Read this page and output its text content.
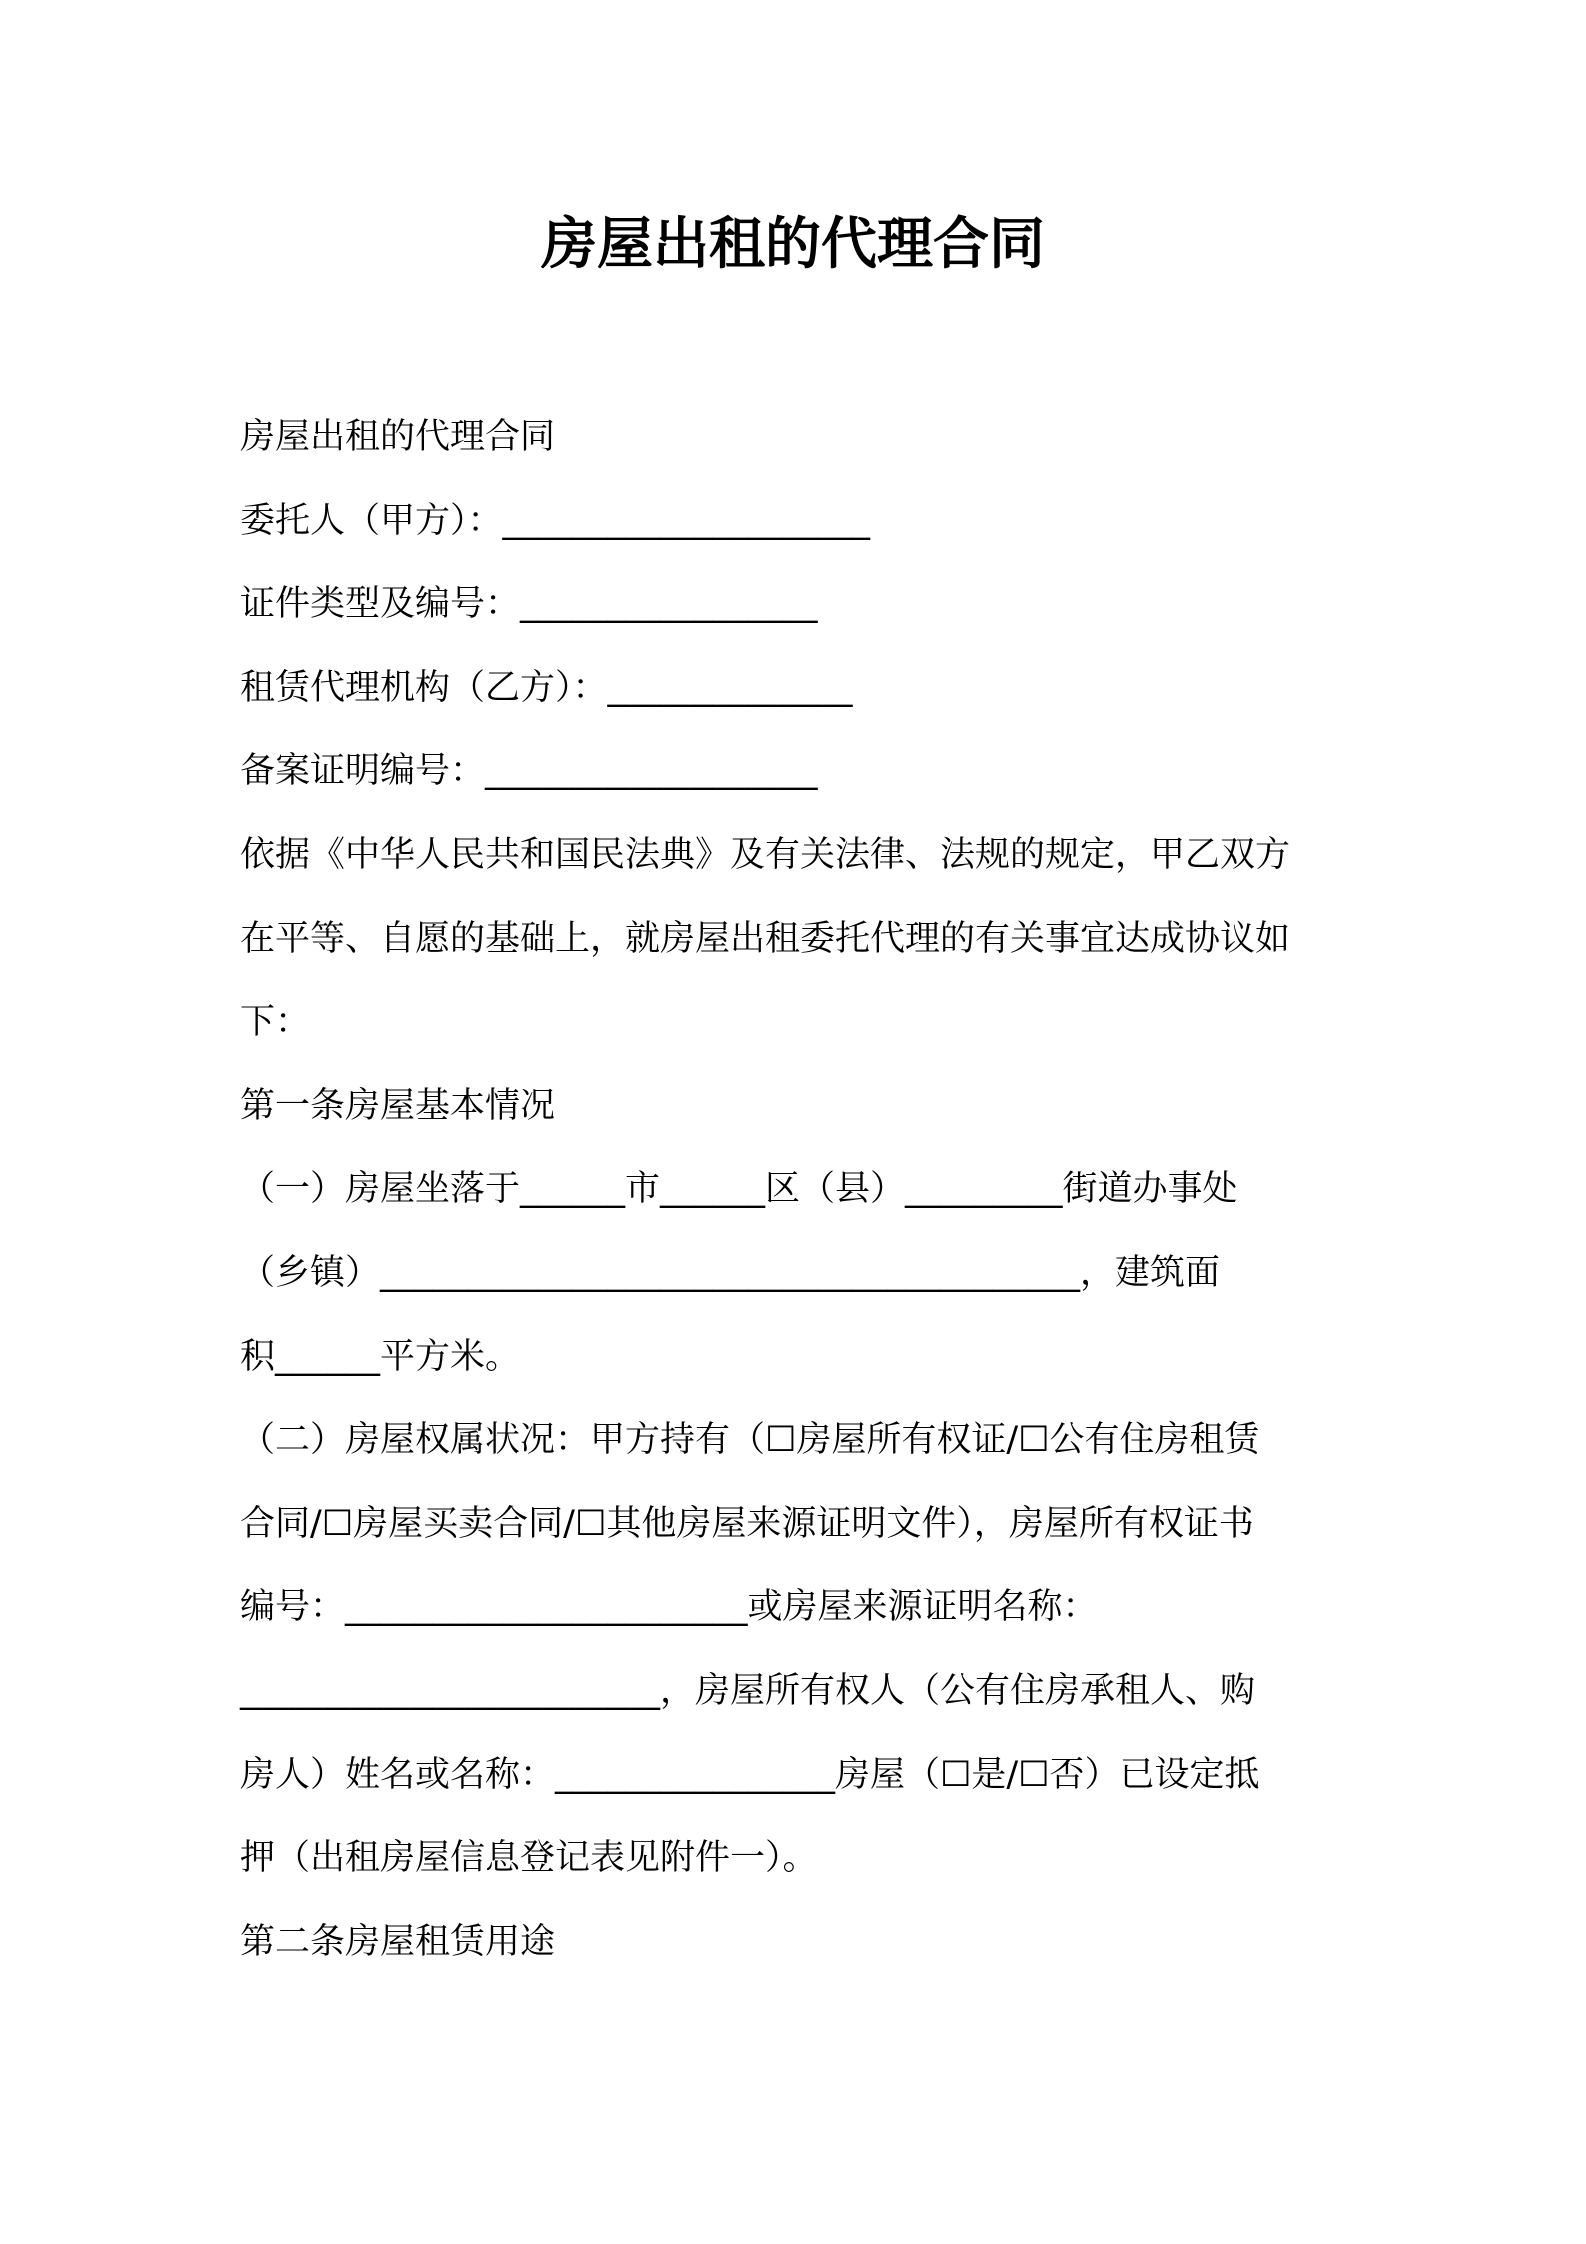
房屋出租的代理合同

房屋出租的代理合同

委托人（甲方）：_____________________

证件类型及编号：_________________

租赁代理机构（乙方）：______________

备案证明编号：___________________

依据《中华人民共和国民法典》及有关法律、法规的规定，甲乙双方

在平等、自愿的基础上，就房屋出租委托代理的有关事宜达成协议如

下：

第一条房屋基本情况

（一）房屋坐落于______市______区（县）_________街道办事处

（乡镇）________________________________________，建筑面

积______平方米。

（二）房屋权属状况：甲方持有（☐房屋所有权证/☐公有住房租赁

合同/☐房屋买卖合同/☐其他房屋来源证明文件），房屋所有权证书

编号：_______________________或房屋来源证明名称：

________________________，房屋所有权人（公有住房承租人、购

房人）姓名或名称：________________房屋（☐是/☐否）已设定抵

押（出租房屋信息登记表见附件一）。

第二条房屋租赁用途
